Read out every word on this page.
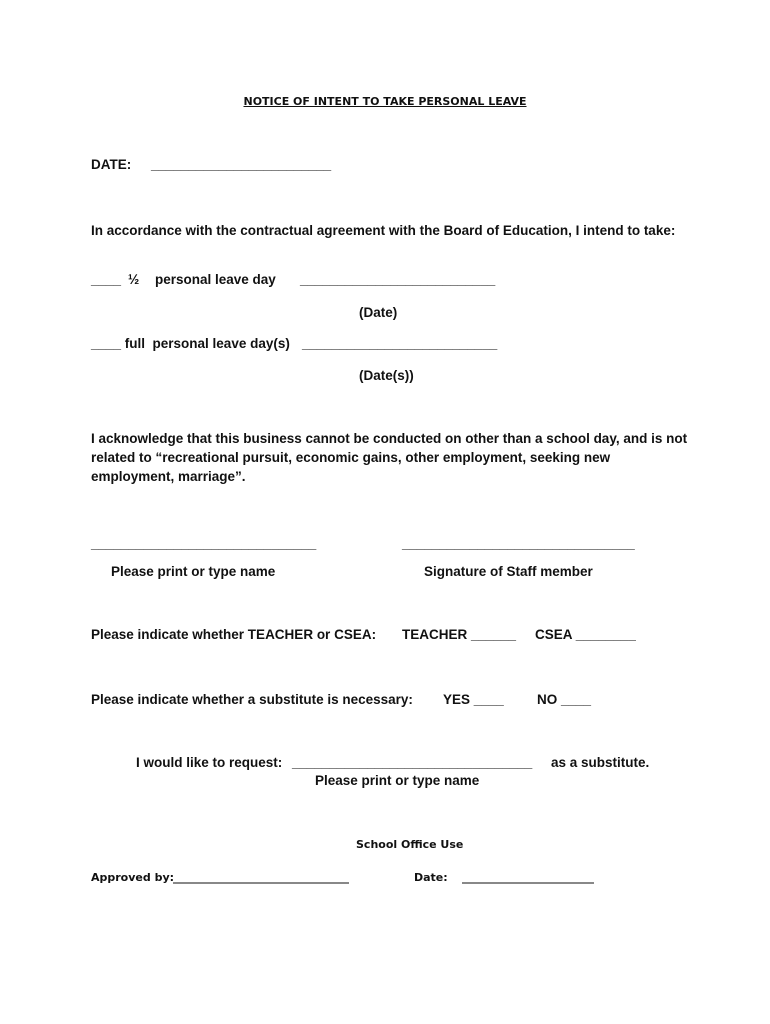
NOTICE OF INTENT TO TAKE PERSONAL LEAVE
DATE: ________________________
In accordance with the contractual agreement with the Board of Education, I intend to take:
____ ½ personal leave day __________________________
(Date)
____ full  personal leave day(s) __________________________
(Date(s))
I acknowledge that this business cannot be conducted on other than a school day, and is not related to “recreational pursuit, economic gains, other employment, seeking new employment, marriage”.
______________________________	_______________________________
Please print or type name	Signature of Staff member
Please indicate whether TEACHER or CSEA: TEACHER ______ CSEA ________
Please indicate whether a substitute is necessary: YES ____ NO ____
I would like to request: ________________________________ as a substitute.
Please print or type name
School Office Use
Approved by:
________________________________	Date: ________________________
